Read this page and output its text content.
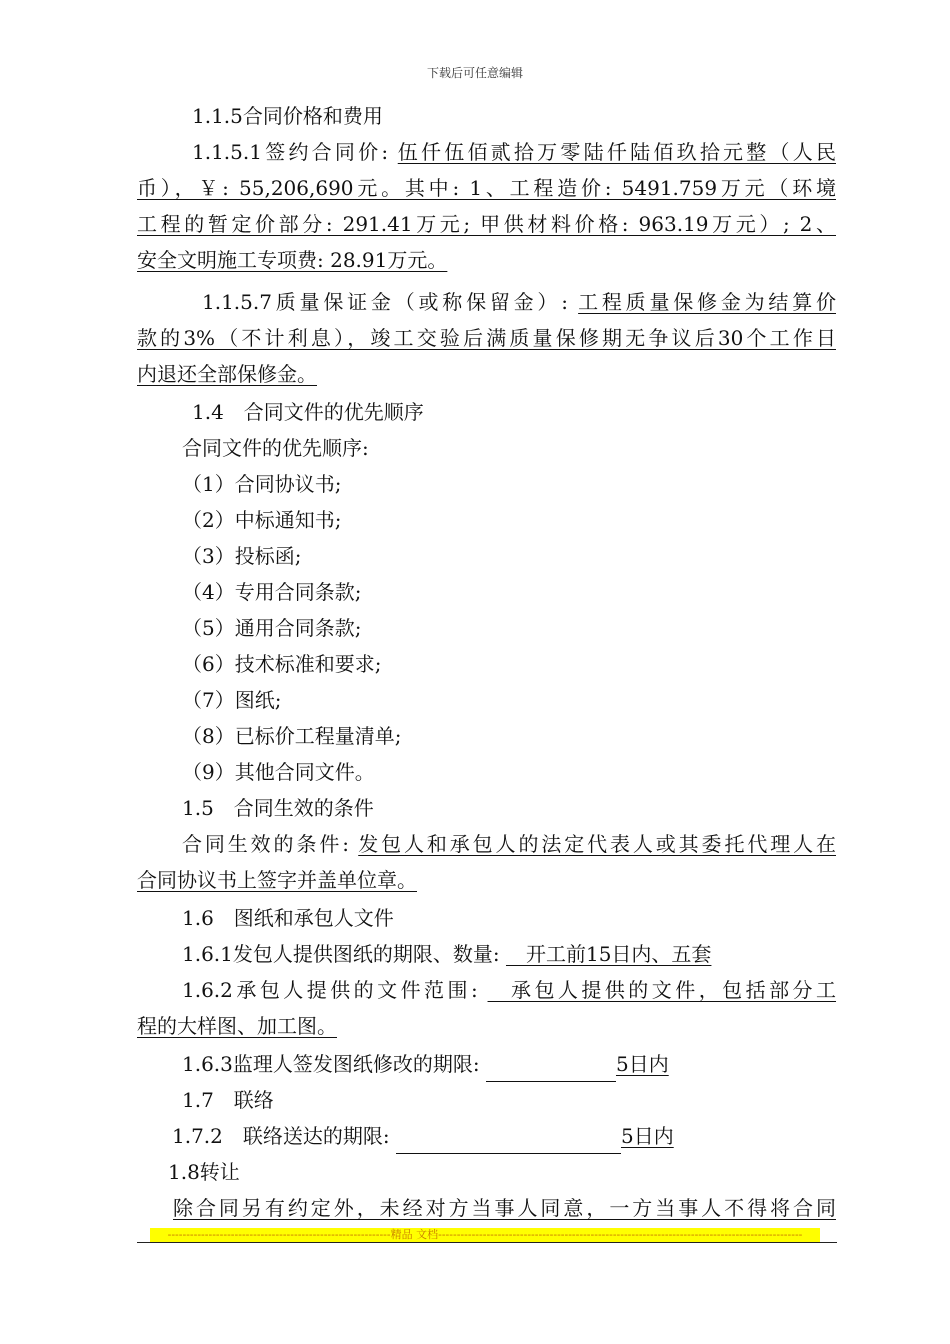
下载后可任意编辑
1.1.5合同价格和费用
1.1.5.1签约合同价: 伍仟伍佰贰拾万零陆仟陆佰玖拾元整（人民
币），￥: 55,206,690元。其中: 1、工程造价: 5491.759万元（环境
工程的暂定价部分: 291.41万元; 甲供材料价格: 963.19万元）; 2、
安全文明施工专项费: 28.91万元。
1.1.5.7质量保证金（或称保留金）: 工程质量保修金为结算价
款的3%（不计利息），竣工交验后满质量保修期无争议后30个工作日
内退还全部保修金。
1.4　合同文件的优先顺序
合同文件的优先顺序:
（1）合同协议书;
（2）中标通知书;
（3）投标函;
（4）专用合同条款;
（5）通用合同条款;
（6）技术标准和要求;
（7）图纸;
（8）已标价工程量清单;
（9）其他合同文件。
1.5　合同生效的条件
合同生效的条件: 发包人和承包人的法定代表人或其委托代理人在
合同协议书上签字并盖单位章。
1.6　图纸和承包人文件
1.6.1发包人提供图纸的期限、数量: 　开工前15日内、五套
1.6.2承包人提供的文件范围: 　承包人提供的文件，包括部分工
程的大样图、加工图。
1.6.3监理人签发图纸修改的期限:	5日内
1.7　联络
1.7.2　联络送达的期限:	5日内
1.8转让
除合同另有约定外，未经对方当事人同意，一方当事人不得将合同
------------------------------------------------------------精品 文档--------------------------------------------------------------------------------------------------
